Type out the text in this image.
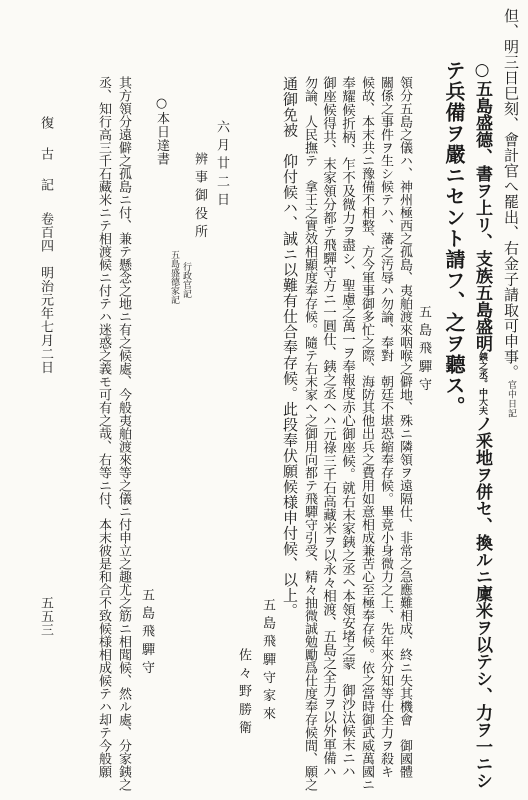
但、明三日巳刻、會計官へ罷出、右金子請取可申事。官中日記
○五島盛德、書ヲ上リ、支族五島盛明銕之丞。中大夫ノ釆地ヲ併セ、換ルニ廩米ヲ以テシ、力ヲ一ニシ
テ兵備ヲ嚴ニセント請フ、之ヲ聽ス。
五 島 飛 驒 守
領分五島之儀ハ、神州極西之孤島、夷舶渡來咽喉之僻地、殊ニ隣領ヲ遠隔仕、非常之急應難相成、終ニ失其機會　御國體
關係之事件ヲ生シ候テハ、藩之汚辱ハ勿論、奉對　朝廷不堪恐縮奉存候。畢竟小身微力之上、先年來分知等仕全力ヲ殺キ
候故、本末共ニ豫備不相整、方今軍事御多忙之際、海防其他出兵之費用如意相成兼苦心至極奉存候。依之當時御武威萬國ニ
奉耀候折柄、乍不及微力ヲ盡シ、聖慮之萬一ヲ奉報度赤心御座候。就右末家銕之丞ヘ本領安堵之蒙　御沙汰候末ニハ
御座候得共、末家領分都テ飛驒守方ニ一圓仕、銕之丞ヘハ元祿三千石高藏米ヲ以永々相渡、五島之全力ヲ以外軍備ハ
勿論、人民撫テ　拿王之實效相顯度奉存候。隨テ右末家ヘ之御用向都テ飛驒守引受、精々抽微誠勉勵爲仕度奉存候間、願之
通御免被　仰付候ハ、誠ニ以難有仕合奉存候。此段奉伏願候様申付候、以上。
五 島 飛 驒 守 家 來
佐 々 野 勝 衛
六 月 廿 二 日
辨 事 御 役 所
五島盛德家記 行政官記
○本日達書
五 島 飛 驒 守
其方領分遠僻之孤島ニ付、兼テ懸念之地ニ有之候處、今般夷舶渡來等之儀ニ付申立之趣尤之筋ニ相聞候、然ル處、分家銕之
丞、知行高三千石藏米ニテ相渡候ニ付テハ迷惑之義モ可有之哉、右等ニ付、本末彼是和合不致候様相成候テハ却テ今般願
復 古 記
卷百四　明治元年七月二日
五五三
